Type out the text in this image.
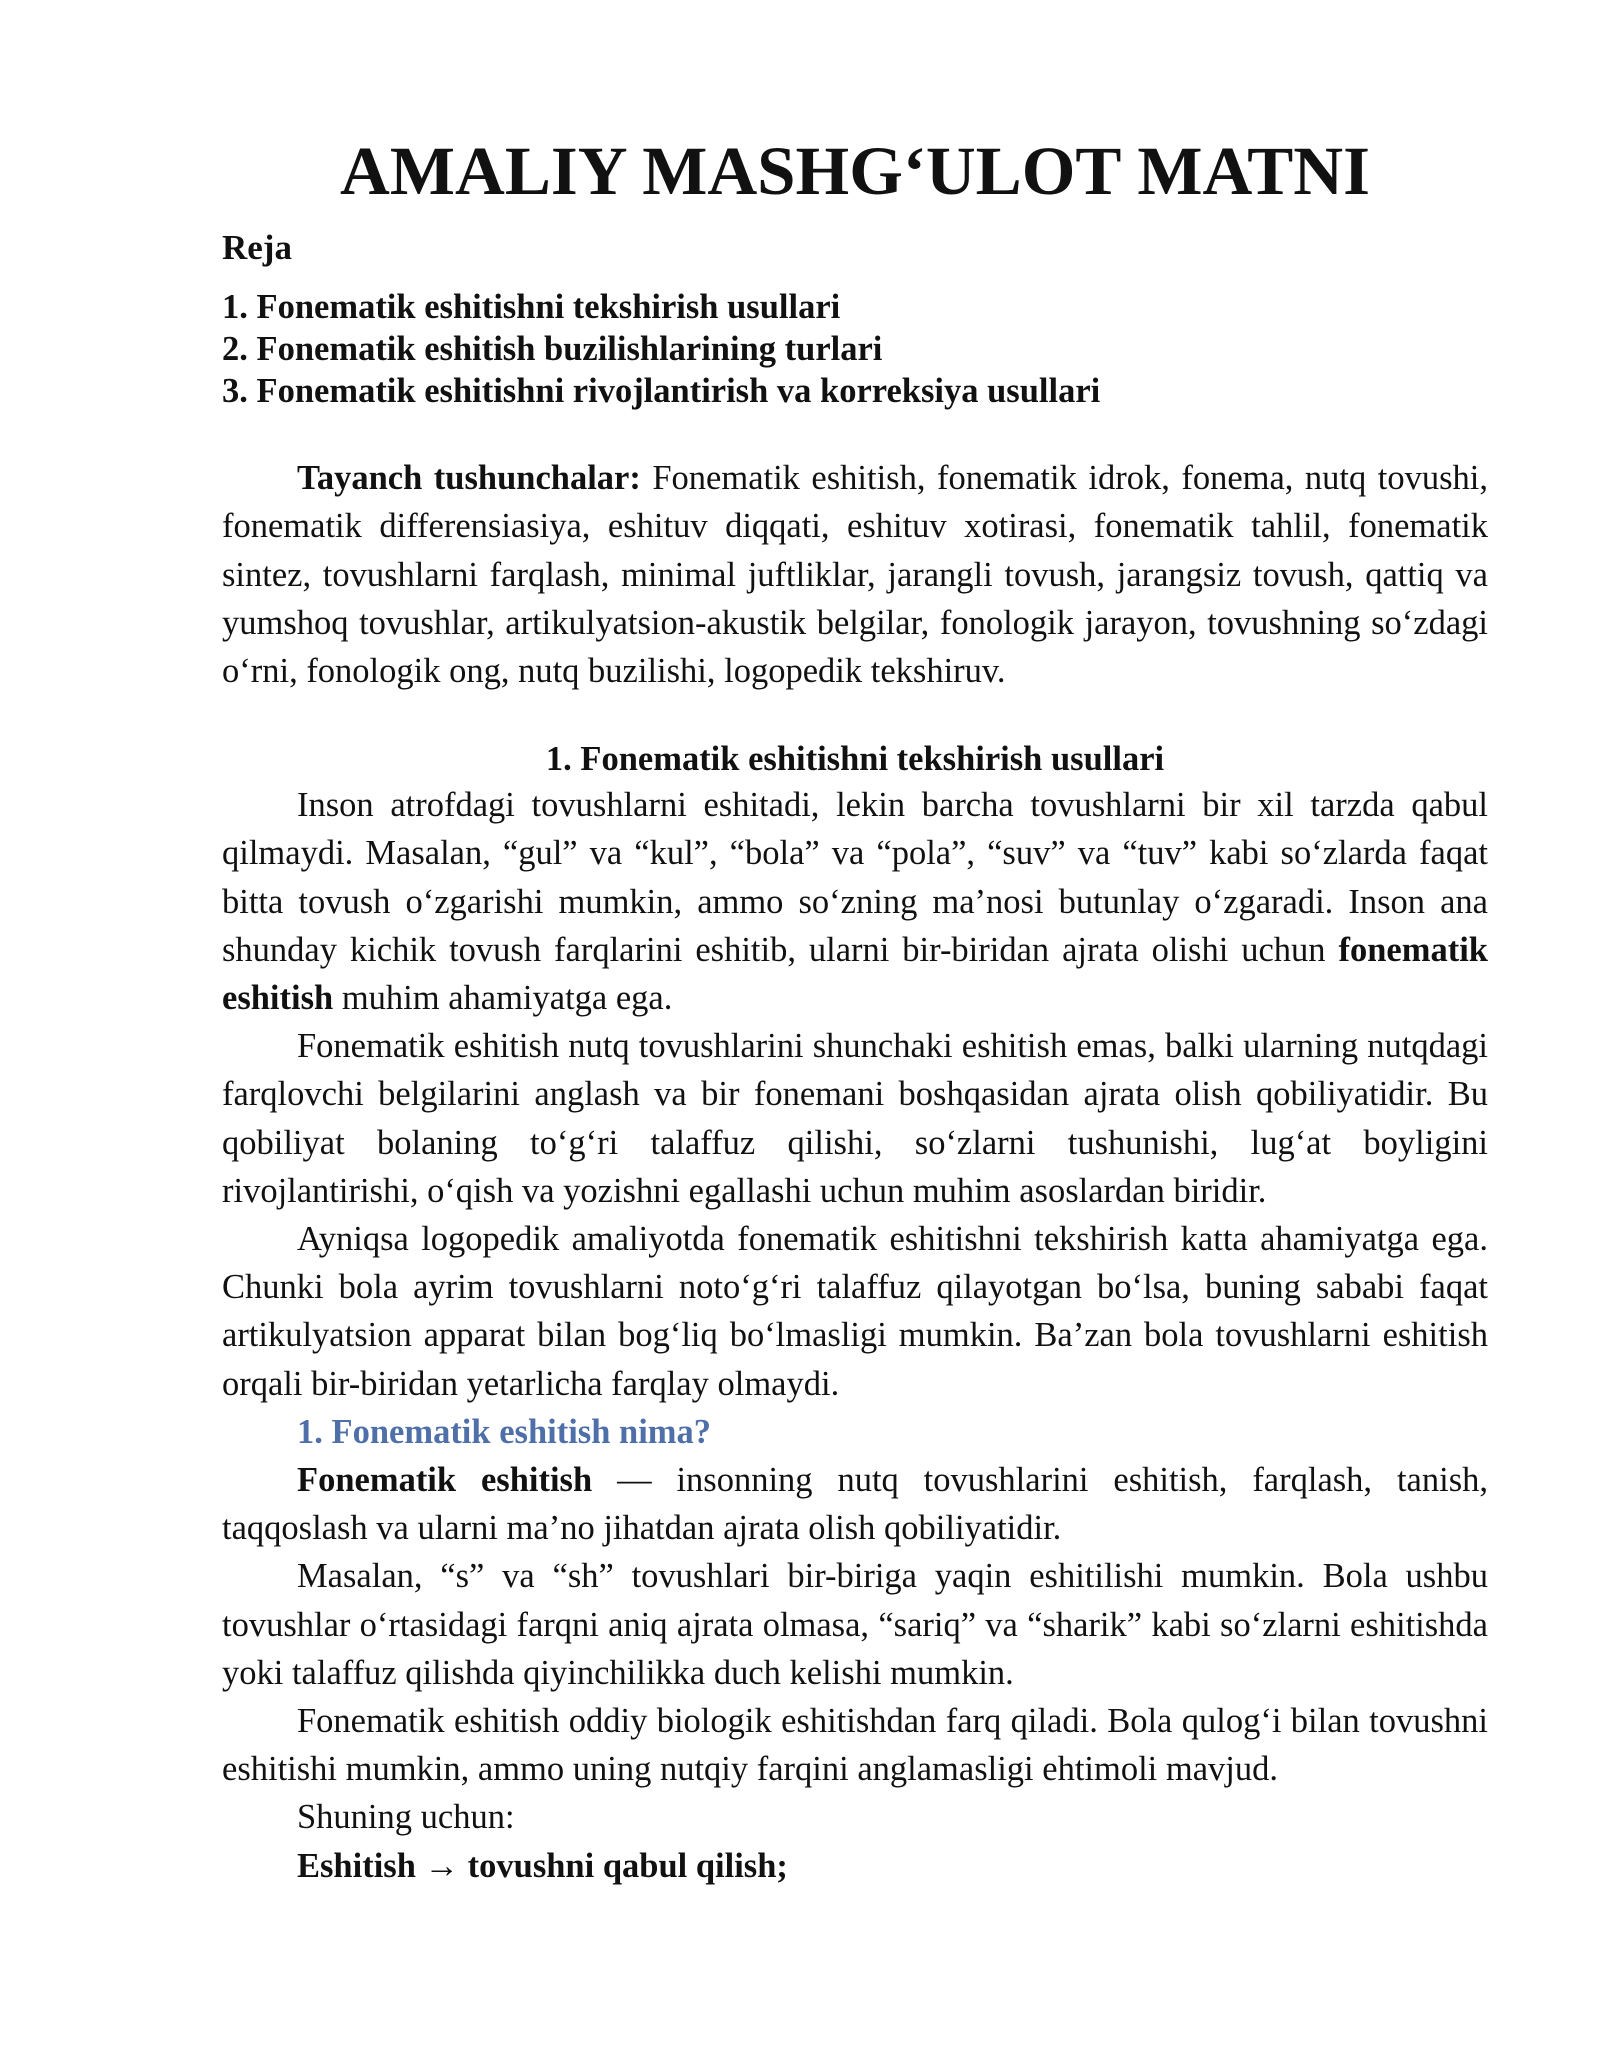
AMALIY MASHG‘ULOT MATNI
Reja
1. Fonematik eshitishni tekshirish usullari
2. Fonematik eshitish buzilishlarining turlari
3. Fonematik eshitishni rivojlantirish va korreksiya usullari

Tayanch tushunchalar: Fonematik eshitish, fonematik idrok, fonema, nutq tovushi, fonematik differensiasiya, eshituv diqqati, eshituv xotirasi, fonematik tahlil, fonematik sintez, tovushlarni farqlash, minimal juftliklar, jarangli tovush, jarangsiz tovush, qattiq va yumshoq tovushlar, artikulyatsion-akustik belgilar, fonologik jarayon, tovushning so‘zdagi o‘rni, fonologik ong, nutq buzilishi, logopedik tekshiruv.

1. Fonematik eshitishni tekshirish usullari

Inson atrofdagi tovushlarni eshitadi, lekin barcha tovushlarni bir xil tarzda qabul qilmaydi. Masalan, “gul” va “kul”, “bola” va “pola”, “suv” va “tuv” kabi so‘zlarda faqat bitta tovush o‘zgarishi mumkin, ammo so‘zning ma’nosi butunlay o‘zgaradi. Inson ana shunday kichik tovush farqlarini eshitib, ularni bir-biridan ajrata olishi uchun fonematik eshitish muhim ahamiyatga ega.

Fonematik eshitish nutq tovushlarini shunchaki eshitish emas, balki ularning nutqdagi farqlovchi belgilarini anglash va bir fonemani boshqasidan ajrata olish qobiliyatidir. Bu qobiliyat bolaning to‘g‘ri talaffuz qilishi, so‘zlarni tushunishi, lug‘at boyligini rivojlantirishi, o‘qish va yozishni egallashi uchun muhim asoslardan biridir.

Ayniqsa logopedik amaliyotda fonematik eshitishni tekshirish katta ahamiyatga ega. Chunki bola ayrim tovushlarni noto‘g‘ri talaffuz qilayotgan bo‘lsa, buning sababi faqat artikulyatsion apparat bilan bog‘liq bo‘lmasligi mumkin. Ba’zan bola tovushlarni eshitish orqali bir-biridan yetarlicha farqlay olmaydi.

1. Fonematik eshitish nima?

Fonematik eshitish — insonning nutq tovushlarini eshitish, farqlash, tanish, taqqoslash va ularni ma’no jihatdan ajrata olish qobiliyatidir.

Masalan, “s” va “sh” tovushlari bir-biriga yaqin eshitilishi mumkin. Bola ushbu tovushlar o‘rtasidagi farqni aniq ajrata olmasa, “sariq” va “sharik” kabi so‘zlarni eshitishda yoki talaffuz qilishda qiyinchilikka duch kelishi mumkin.

Fonematik eshitish oddiy biologik eshitishdan farq qiladi. Bola qulog‘i bilan tovushni eshitishi mumkin, ammo uning nutqiy farqini anglamasligi ehtimoli mavjud.

Shuning uchun:

Eshitish → tovushni qabul qilish;
